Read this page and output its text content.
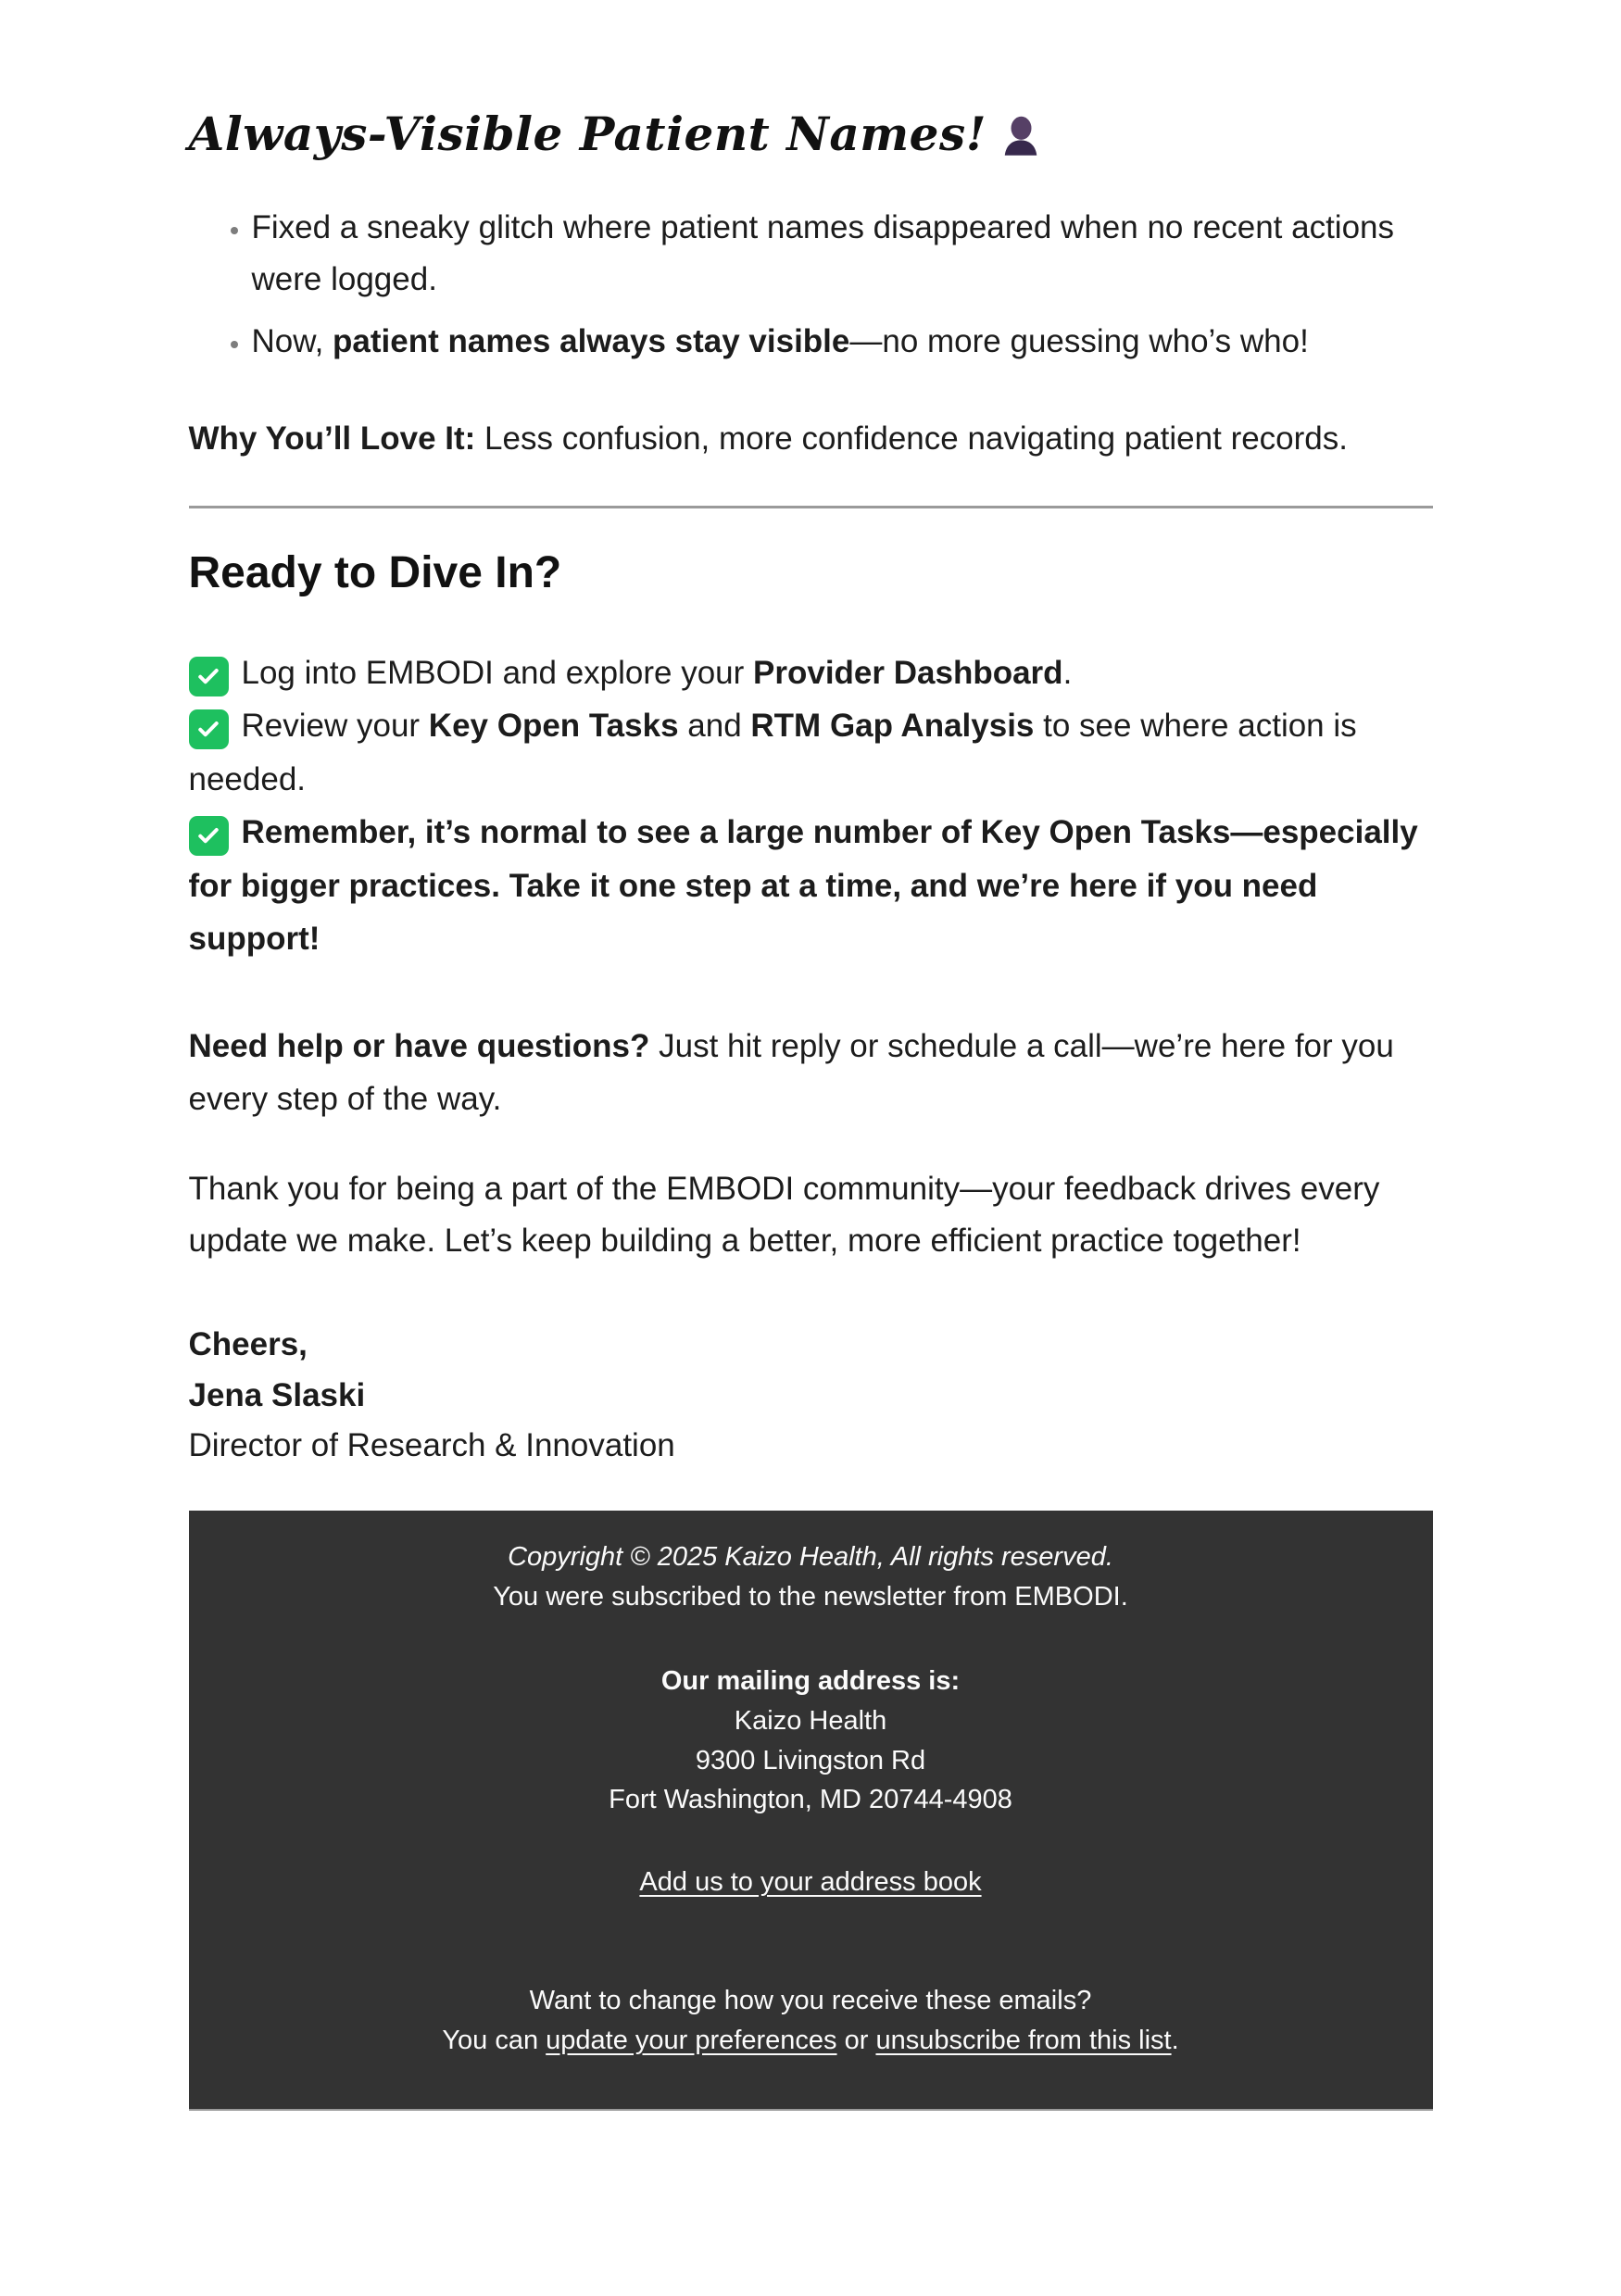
Always-Visible Patient Names!
• Fixed a sneaky glitch where patient names disappeared when no recent actions were logged.
• Now, patient names always stay visible—no more guessing who’s who!

Why You’ll Love It: Less confusion, more confidence navigating patient records.

Ready to Dive In?

Log into EMBODI and explore your Provider Dashboard.

Review your Key Open Tasks and RTM Gap Analysis to see where action is needed.

Remember, it’s normal to see a large number of Key Open Tasks—especially for bigger practices. Take it one step at a time, and we’re here if you need support!

Need help or have questions? Just hit reply or schedule a call—we’re here for you every step of the way.

Thank you for being a part of the EMBODI community—your feedback drives every update we make. Let’s keep building a better, more efficient practice together!

Cheers,
Jena Slaski
Director of Research & Innovation

Copyright © 2025 Kaizo Health, All rights reserved.

You were subscribed to the newsletter from EMBODI.

Our mailing address is:

Kaizo Health

9300 Livingston Rd

Fort Washington, MD 20744-4908

Add us to your address book

Want to change how you receive these emails?

You can update your preferences or unsubscribe from this list.
